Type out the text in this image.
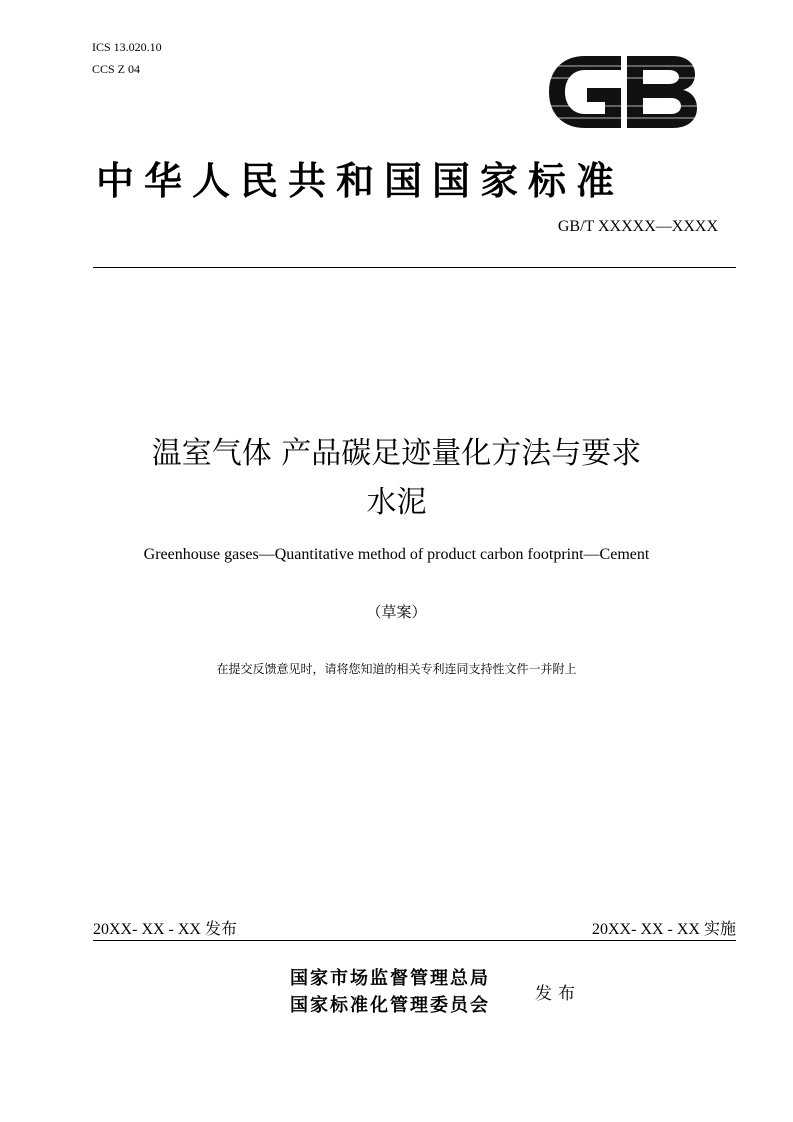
ICS 13.020.10
CCS Z 04
GB
中华人民共和国国家标准
GB/T XXXXX—XXXX
温室气体 产品碳足迹量化方法与要求
水泥
Greenhouse gases—Quantitative method of product carbon footprint—Cement
（草案）
在提交反馈意见时，请将您知道的相关专利连同支持性文件一并附上
20XX- XX - XX 发布	20XX- XX - XX 实施
国家市场监督管理总局
国家标准化管理委员会
发布
